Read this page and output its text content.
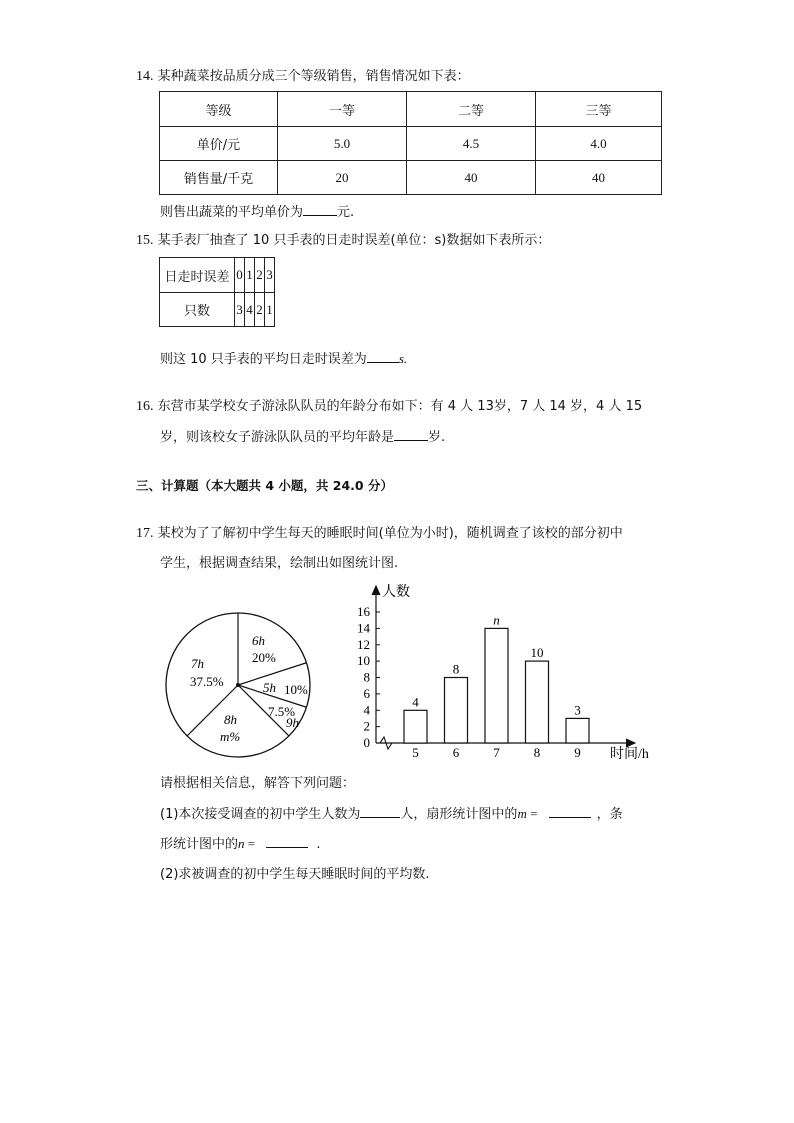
14. 某种蔬菜按品质分成三个等级销售，销售情况如下表：
等级	一等	二等	三等
单价/元	5.0	4.5	4.0
销售量/千克	20	40	40
则售出蔬菜的平均单价为	元.
15. 某手表厂抽查了 10 只手表的日走时误差(单位：s)数据如下表所示：
日走时误差	0	1	2	3
只数	3	4	2	1
则这 10 只手表的平均日走时误差为 s.
16. 东营市某学校女子游泳队队员的年龄分布如下：有 4 人 13岁，7 人 14 岁，4 人 15
岁，则该校女子游泳队队员的平均年龄是	岁.
三、计算题（本大题共 4 小题，共 24.0 分）
17. 某校为了了解初中学生每天的睡眠时间(单位为小时)，随机调查了该校的部分初中
学生，根据调查结果，绘制出如图统计图.
6h
20%
5h 10%
7.5%
9h
8h
m%
7h
37.5%
0
2
4
6
8
10
12
14
16
4
5
8
6
n
7
10
8
3
9
人数
时间/h
请根据相关信息，解答下列问题：
(1)本次接受调查的初中学生人数为	人，扇形统计图中的m =	，条
形统计图中的n =	.
(2)求被调查的初中学生每天睡眠时间的平均数.
